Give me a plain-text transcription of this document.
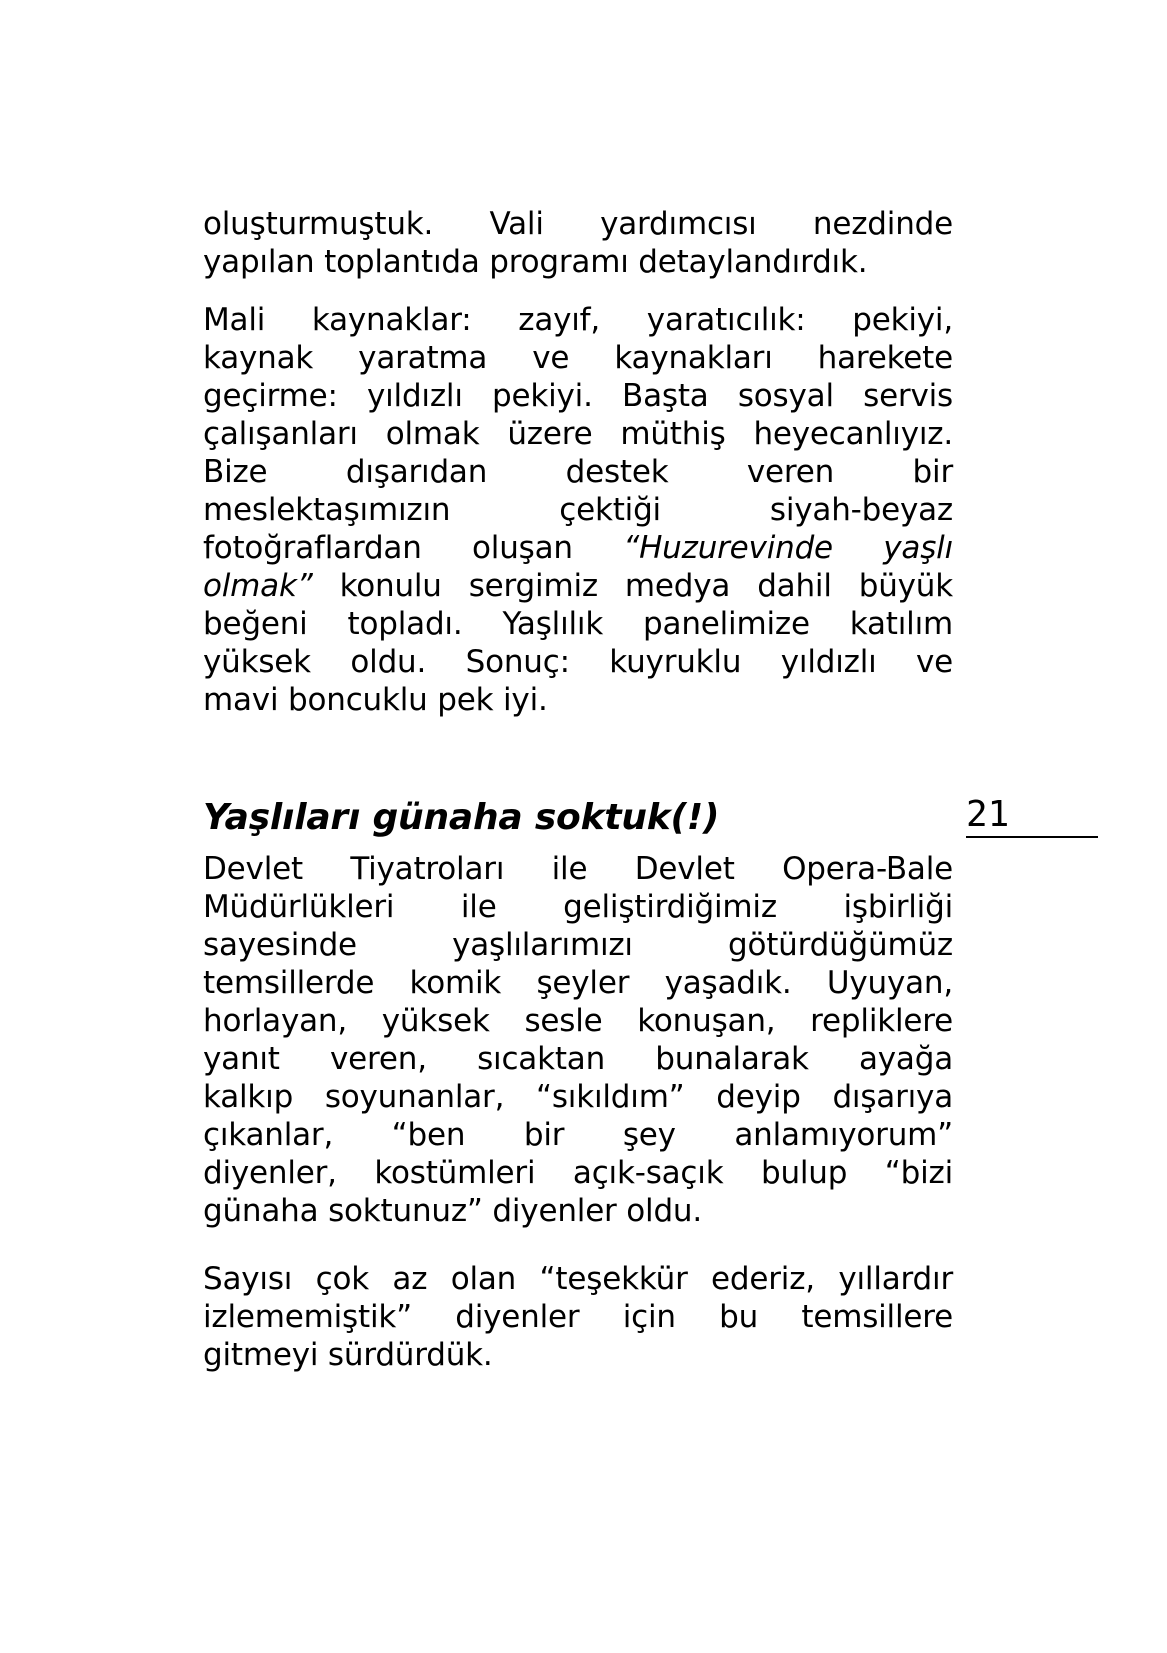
21
oluşturmuştuk. Vali yardımcısı nezdinde
yapılan toplantıda programı detaylandırdık.
Mali kaynaklar: zayıf, yaratıcılık: pekiyi,
kaynak yaratma ve kaynakları harekete
geçirme: yıldızlı pekiyi. Başta sosyal servis
çalışanları olmak üzere müthiş heyecanlıyız.
Bize dışarıdan destek veren bir
meslektaşımızın çektiği siyah-beyaz
fotoğraflardan oluşan “Huzurevinde yaşlı
olmak” konulu sergimiz medya dahil büyük
beğeni topladı. Yaşlılık panelimize katılım
yüksek oldu. Sonuç: kuyruklu yıldızlı ve
mavi boncuklu pek iyi.
Yaşlıları günaha soktuk(!)
Devlet Tiyatroları ile Devlet Opera-Bale
Müdürlükleri ile geliştirdiğimiz işbirliği
sayesinde yaşlılarımızı götürdüğümüz
temsillerde komik şeyler yaşadık. Uyuyan,
horlayan, yüksek sesle konuşan, repliklere
yanıt veren, sıcaktan bunalarak ayağa
kalkıp soyunanlar, “sıkıldım” deyip dışarıya
çıkanlar, “ben bir şey anlamıyorum”
diyenler, kostümleri açık-saçık bulup “bizi
günaha soktunuz” diyenler oldu.
Sayısı çok az olan “teşekkür ederiz, yıllardır
izlememiştik” diyenler için bu temsillere
gitmeyi sürdürdük.
